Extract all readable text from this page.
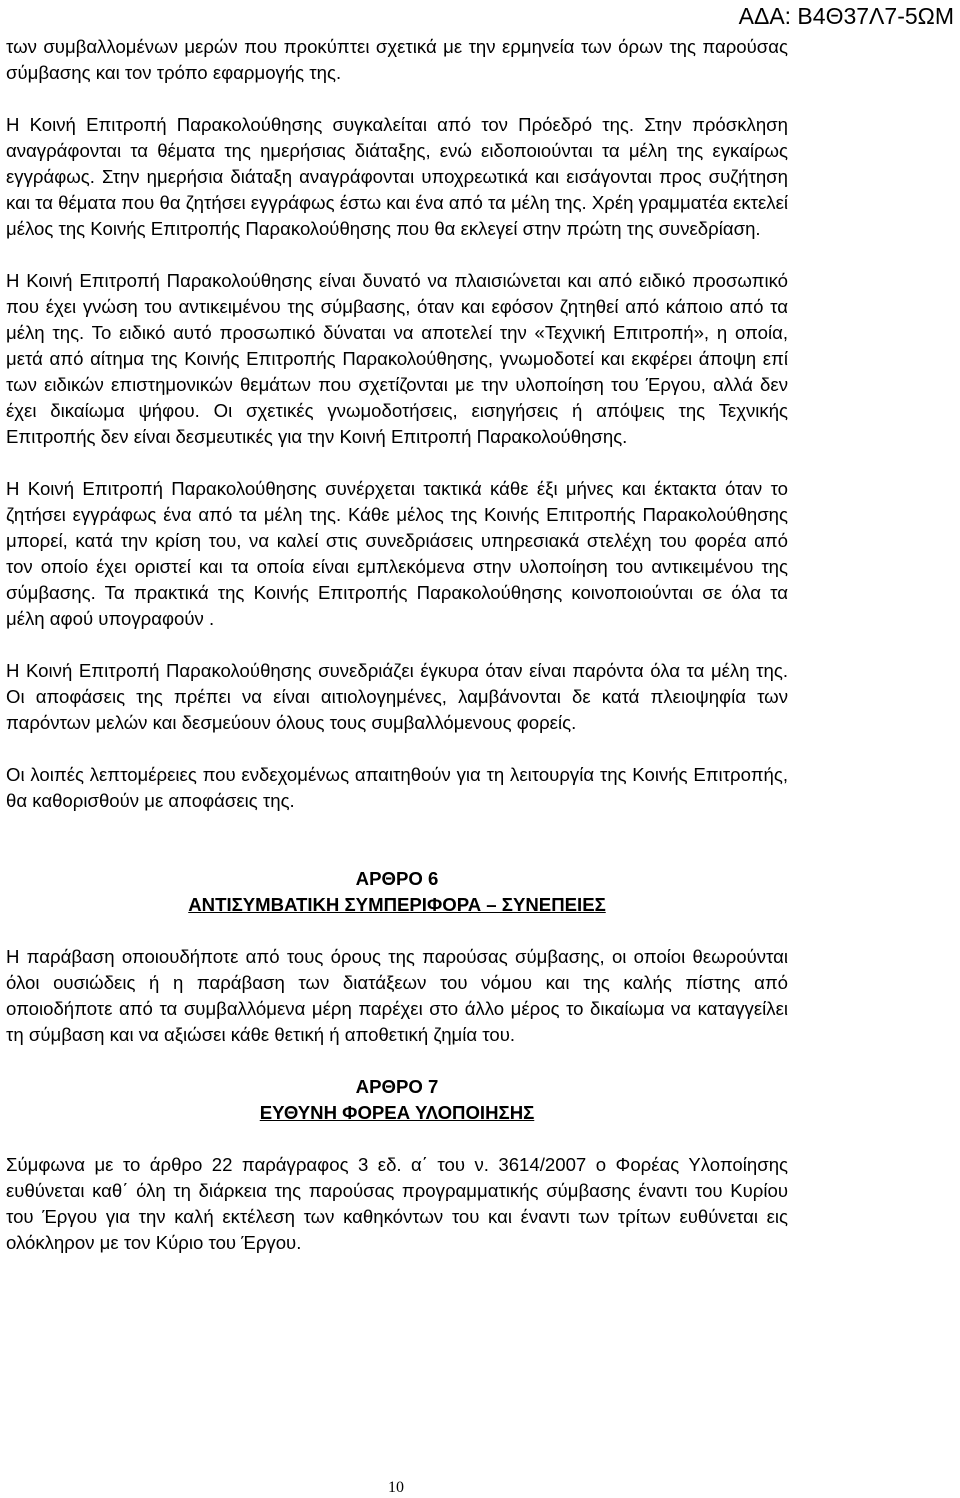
ΑΔΑ: Β4Θ37Λ7-5ΩΜ

των συμβαλλομένων μερών που προκύπτει σχετικά με την ερμηνεία των όρων της παρούσας σύμβασης και τον τρόπο εφαρμογής της.

Η Κοινή Επιτροπή Παρακολούθησης συγκαλείται από τον Πρόεδρό της. Στην πρόσκληση αναγράφονται τα θέματα της ημερήσιας διάταξης, ενώ ειδοποιούνται τα μέλη της εγκαίρως εγγράφως. Στην ημερήσια διάταξη αναγράφονται υποχρεωτικά και εισάγονται προς συζήτηση και τα θέματα που θα ζητήσει εγγράφως έστω και ένα από τα μέλη της. Χρέη γραμματέα εκτελεί μέλος της Κοινής Επιτροπής Παρακολούθησης που θα εκλεγεί στην πρώτη της συνεδρίαση.

Η Κοινή Επιτροπή Παρακολούθησης είναι δυνατό να πλαισιώνεται και από ειδικό προσωπικό που έχει γνώση του αντικειμένου της σύμβασης, όταν και εφόσον ζητηθεί από κάποιο από τα μέλη της. Το ειδικό αυτό προσωπικό δύναται να αποτελεί την «Τεχνική Επιτροπή», η οποία, μετά από αίτημα της Κοινής Επιτροπής Παρακολούθησης, γνωμοδοτεί και εκφέρει άποψη επί των ειδικών επιστημονικών θεμάτων που σχετίζονται με την υλοποίηση του Έργου, αλλά δεν έχει δικαίωμα ψήφου. Οι σχετικές γνωμοδοτήσεις, εισηγήσεις ή απόψεις της Τεχνικής Επιτροπής δεν είναι δεσμευτικές για την Κοινή Επιτροπή Παρακολούθησης.

Η Κοινή Επιτροπή Παρακολούθησης συνέρχεται τακτικά κάθε έξι μήνες και έκτακτα όταν το ζητήσει εγγράφως ένα από τα μέλη της. Κάθε μέλος της Κοινής Επιτροπής Παρακολούθησης μπορεί, κατά την κρίση του, να καλεί στις συνεδριάσεις υπηρεσιακά στελέχη του φορέα από τον οποίο έχει οριστεί και τα οποία είναι εμπλεκόμενα στην υλοποίηση του αντικειμένου της σύμβασης. Τα πρακτικά της Κοινής Επιτροπής Παρακολούθησης κοινοποιούνται σε όλα τα μέλη αφού υπογραφούν .

Η Κοινή Επιτροπή Παρακολούθησης συνεδριάζει έγκυρα όταν είναι παρόντα όλα τα μέλη της. Οι αποφάσεις της πρέπει να είναι αιτιολογημένες, λαμβάνονται δε κατά πλειοψηφία των παρόντων μελών και δεσμεύουν όλους τους συμβαλλόμενους φορείς.

Οι λοιπές λεπτομέρειες που ενδεχομένως απαιτηθούν για τη λειτουργία της Κοινής Επιτροπής, θα καθορισθούν με αποφάσεις της.

ΑΡΘΡΟ 6
ΑΝΤΙΣΥΜΒΑΤΙΚΗ ΣΥΜΠΕΡΙΦΟΡΑ – ΣΥΝΕΠΕΙΕΣ

Η παράβαση οποιουδήποτε από τους όρους της παρούσας σύμβασης, οι οποίοι θεωρούνται όλοι ουσιώδεις ή η παράβαση των διατάξεων του νόμου και της καλής πίστης από οποιοδήποτε από τα συμβαλλόμενα μέρη παρέχει στο άλλο μέρος το δικαίωμα να καταγγείλει τη σύμβαση και να αξιώσει κάθε θετική ή αποθετική ζημία του.

ΑΡΘΡΟ 7
ΕΥΘΥΝΗ ΦΟΡΕΑ ΥΛΟΠΟΙΗΣΗΣ

Σύμφωνα με το άρθρο 22 παράγραφος 3 εδ. α΄ του ν. 3614/2007 ο Φορέας Υλοποίησης ευθύνεται καθ΄ όλη τη διάρκεια της παρούσας προγραμματικής σύμβασης έναντι του Κυρίου του Έργου για την καλή εκτέλεση των καθηκόντων του και έναντι των τρίτων ευθύνεται εις ολόκληρον με τον Κύριο του Έργου.

10
